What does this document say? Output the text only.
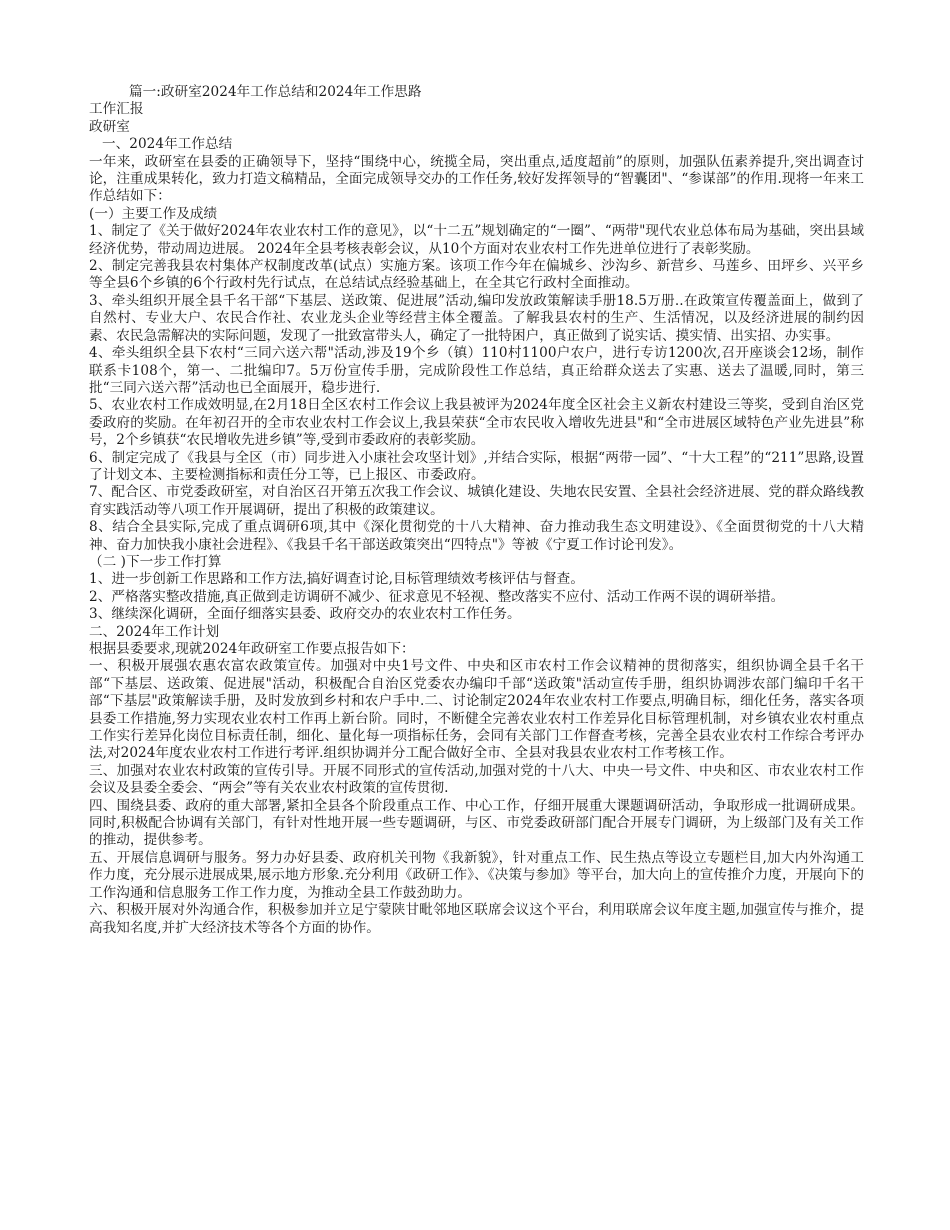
篇一:政研室2024年工作总结和2024年工作思路

工作汇报

政研室

一、2024年工作总结

一年来，政研室在县委的正确领导下，坚持“围绕中心，统揽全局，突出重点,适度超前”的原则，加强队伍素养提升,突出调查讨论，注重成果转化，致力打造文稿精品，全面完成领导交办的工作任务,较好发挥领导的“智囊团"、“参谋部”的作用.现将一年来工作总结如下：

(一）主要工作及成绩

1、制定了《关于做好2024年农业农村工作的意见》，以“十二五”规划确定的“一圈”、“两带"现代农业总体布局为基础，突出县域经济优势，带动周边进展。 2024年全县考核表彰会议，从10个方面对农业农村工作先进单位进行了表彰奖励。

2、制定完善我县农村集体产权制度改革(试点）实施方案。该项工作今年在偏城乡、沙沟乡、新营乡、马莲乡、田坪乡、兴平乡等全县6个乡镇的6个行政村先行试点，在总结试点经验基础上，在全其它行政村全面推动。

3、牵头组织开展全县千名干部“下基层、送政策、促进展”活动,编印发放政策解读手册18.5万册..在政策宣传覆盖面上，做到了自然村、专业大户、农民合作社、农业龙头企业等经营主体全覆盖。了解我县农村的生产、生活情况，以及经济进展的制约因素、农民急需解决的实际问题，发现了一批致富带头人，确定了一批特困户，真正做到了说实话、摸实情、出实招、办实事。

4、牵头组织全县下农村“三同六送六帮"活动,涉及19个乡（镇）110村1100户农户，进行专访1200次,召开座谈会12场，制作联系卡108个，第一、二批编印7。5万份宣传手册，完成阶段性工作总结，真正给群众送去了实惠、送去了温暖,同时，第三批“三同六送六帮”活动也已全面展开，稳步进行.

5、农业农村工作成效明显,在2月18日全区农村工作会议上我县被评为2024年度全区社会主义新农村建设三等奖，受到自治区党委政府的奖励。在年初召开的全市农业农村工作会议上,我县荣获“全市农民收入增收先进县"和“全市进展区域特色产业先进县”称号，2个乡镇获“农民增收先进乡镇”等,受到市委政府的表彰奖励。

6、制定完成了《我县与全区（市）同步进入小康社会攻坚计划》,并结合实际，根据“两带一园”、“十大工程”的“211”思路,设置了计划文本、主要检测指标和责任分工等，已上报区、市委政府。

7、配合区、市党委政研室，对自治区召开第五次我工作会议、城镇化建设、失地农民安置、全县社会经济进展、党的群众路线教育实践活动等八项工作开展调研，提出了积极的政策建议。

8、结合全县实际,完成了重点调研6项,其中《深化贯彻党的十八大精神、奋力推动我生态文明建设》、《全面贯彻党的十八大精神、奋力加快我小康社会进程》、《我县千名干部送政策突出“四特点"》等被《宁夏工作讨论刊发》。

（二 )下一步工作打算

1、进一步创新工作思路和工作方法,搞好调查讨论,目标管理绩效考核评估与督查。

2、严格落实整改措施,真正做到走访调研不减少、征求意见不轻视、整改落实不应付、活动工作两不误的调研举措。

3、继续深化调研，全面仔细落实县委、政府交办的农业农村工作任务。

二、2024年工作计划

根据县委要求,现就2024年政研室工作要点报告如下：

一、积极开展强农惠农富农政策宣传。加强对中央1号文件、中央和区市农村工作会议精神的贯彻落实，组织协调全县千名干部“下基层、送政策、促进展"活动，积极配合自治区党委农办编印千部“送政策"活动宣传手册，组织协调涉农部门编印千名干部“下基层"政策解读手册，及时发放到乡村和农户手中.二、讨论制定2024年农业农村工作要点,明确目标，细化任务，落实各项县委工作措施,努力实现农业农村工作再上新台阶。同时，不断健全完善农业农村工作差异化目标管理机制，对乡镇农业农村重点工作实行差异化岗位目标责任制，细化、量化每一项指标任务，会同有关部门工作督查考核，完善全县农业农村工作综合考评办法,对2024年度农业农村工作进行考评.组织协调并分工配合做好全市、全县对我县农业农村工作考核工作。

三、加强对农业农村政策的宣传引导。开展不同形式的宣传活动,加强对党的十八大、中央一号文件、中央和区、市农业农村工作会议及县委全委会、“两会”等有关农业农村政策的宣传贯彻.

四、围绕县委、政府的重大部署,紧扣全县各个阶段重点工作、中心工作，仔细开展重大课题调研活动，争取形成一批调研成果。同时,积极配合协调有关部门，有针对性地开展一些专题调研，与区、市党委政研部门配合开展专门调研，为上级部门及有关工作的推动，提供参考。

五、开展信息调研与服务。努力办好县委、政府机关刊物《我新貌》，针对重点工作、民生热点等设立专题栏目,加大内外沟通工作力度，充分展示进展成果,展示地方形象.充分利用《政研工作》、《决策与参加》等平台，加大向上的宣传推介力度，开展向下的工作沟通和信息服务工作工作力度，为推动全县工作鼓劲助力。

六、积极开展对外沟通合作，积极参加并立足宁蒙陕甘毗邻地区联席会议这个平台，利用联席会议年度主题,加强宣传与推介，提高我知名度,并扩大经济技术等各个方面的协作。
